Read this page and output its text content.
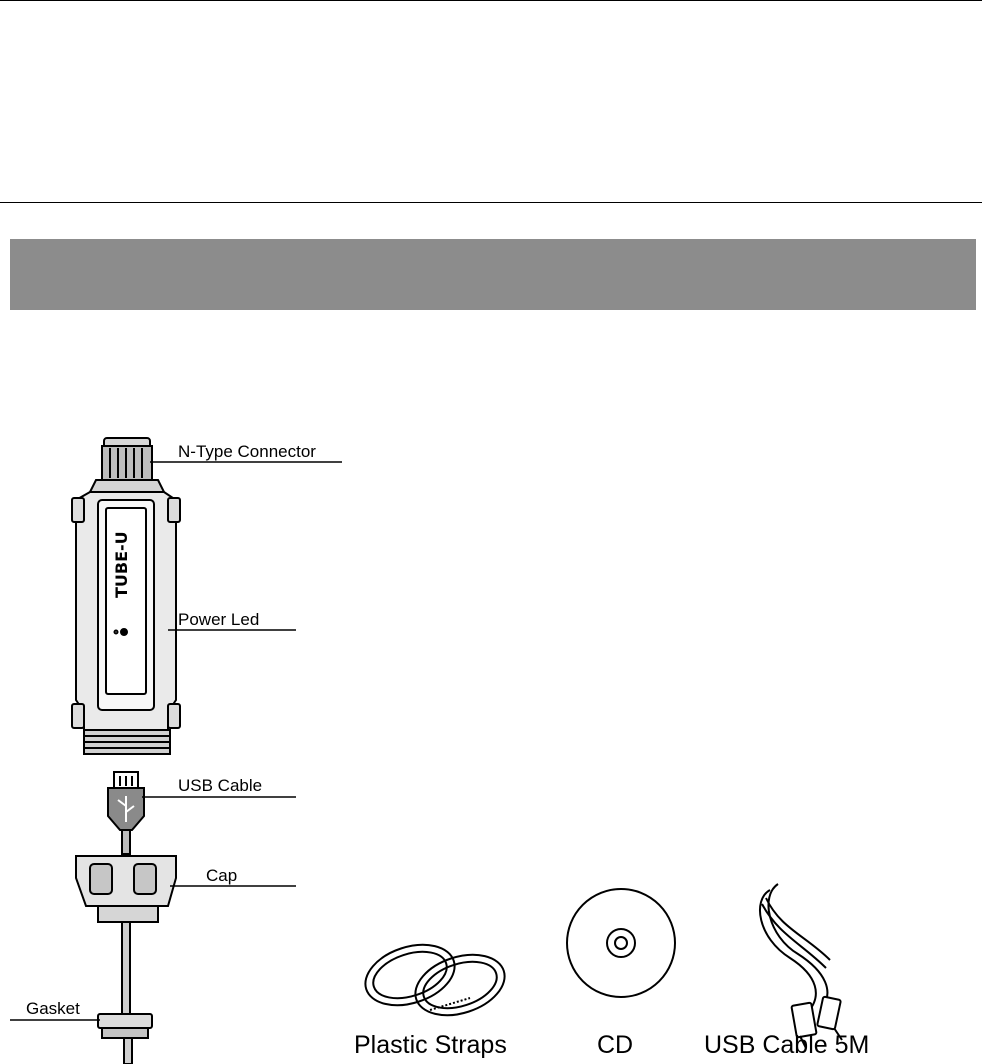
TUBE-U
N-Type Connector
Power Led
USB Cable
Cap
Gasket
Plastic Straps	CD	USB Cable 5M
